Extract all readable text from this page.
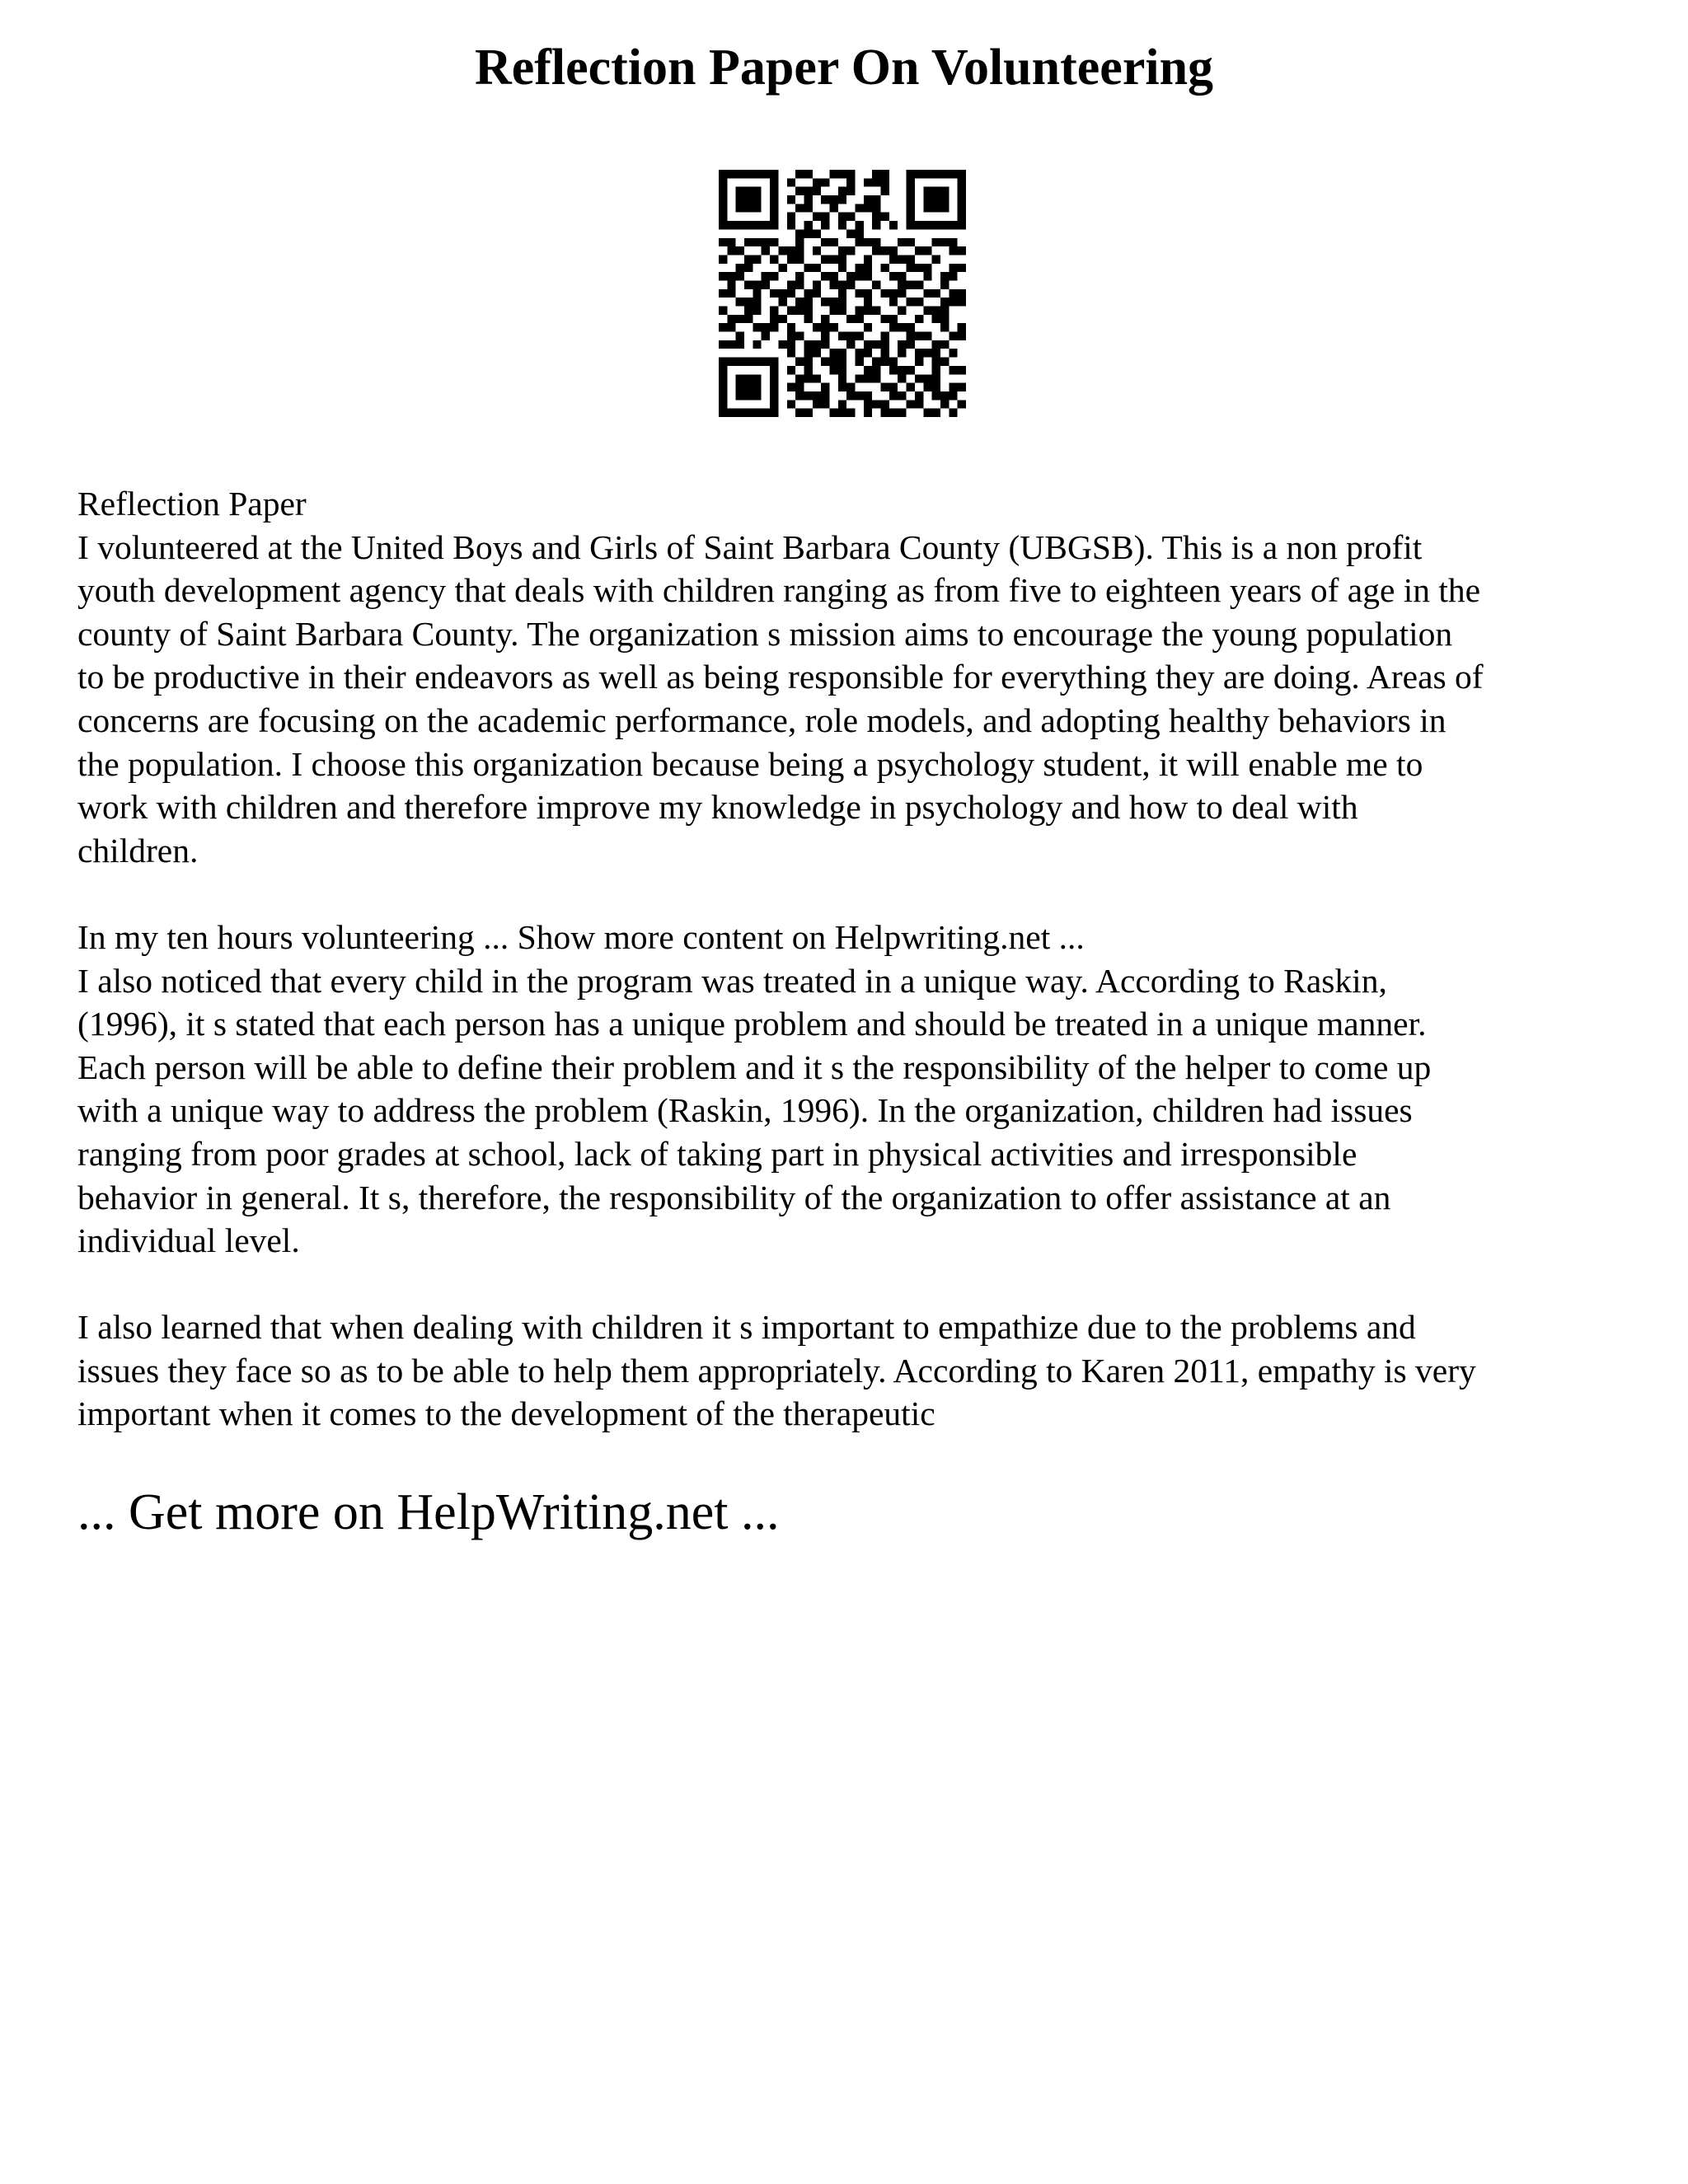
Reflection Paper On Volunteering

Reflection Paper

I volunteered at the United Boys and Girls of Saint Barbara County (UBGSB). This is a non profit

youth development agency that deals with children ranging as from five to eighteen years of age in the

county of Saint Barbara County. The organization s mission aims to encourage the young population

to be productive in their endeavors as well as being responsible for everything they are doing. Areas of

concerns are focusing on the academic performance, role models, and adopting healthy behaviors in

the population. I choose this organization because being a psychology student, it will enable me to

work with children and therefore improve my knowledge in psychology and how to deal with

children.

In my ten hours volunteering ... Show more content on Helpwriting.net ...

I also noticed that every child in the program was treated in a unique way. According to Raskin,

(1996), it s stated that each person has a unique problem and should be treated in a unique manner.

Each person will be able to define their problem and it s the responsibility of the helper to come up

with a unique way to address the problem (Raskin, 1996). In the organization, children had issues

ranging from poor grades at school, lack of taking part in physical activities and irresponsible

behavior in general. It s, therefore, the responsibility of the organization to offer assistance at an

individual level.

I also learned that when dealing with children it s important to empathize due to the problems and

issues they face so as to be able to help them appropriately. According to Karen 2011, empathy is very

important when it comes to the development of the therapeutic

... Get more on HelpWriting.net ...
